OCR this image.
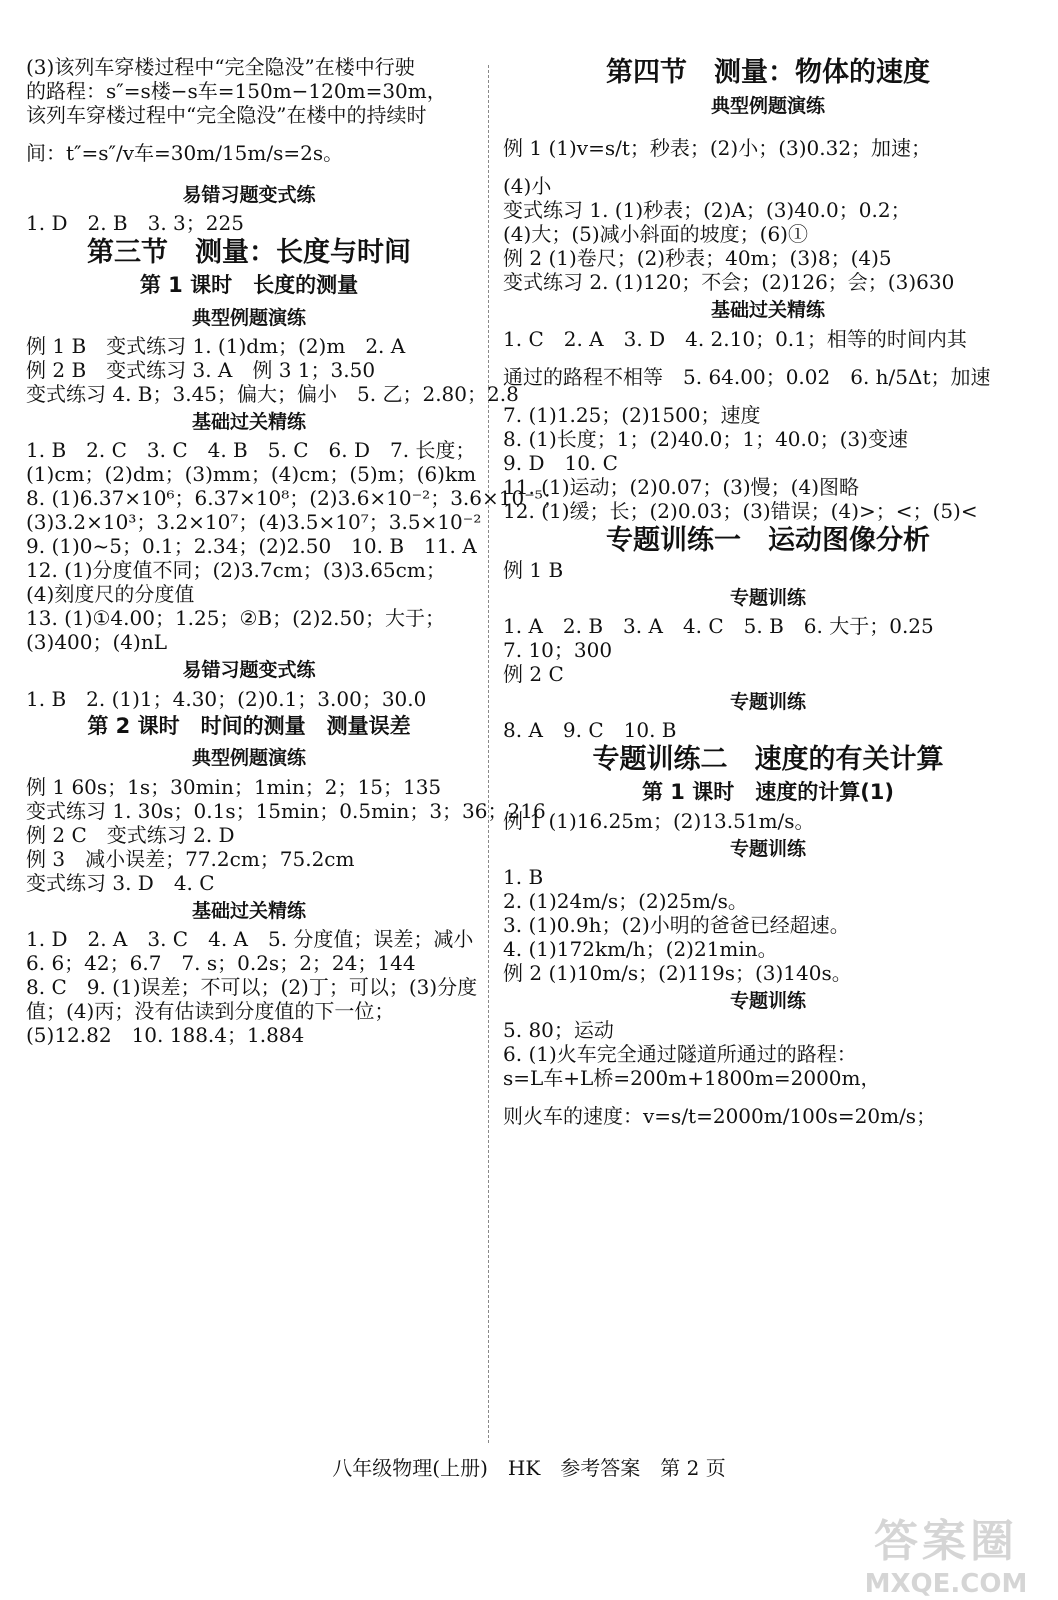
(3)该列车穿楼过程中“完全隐没”在楼中行驶
的路程：s″=s楼−s车=150m−120m=30m，
该列车穿楼过程中“完全隐没”在楼中的持续时
间：t″=s″/v车=30m/15m/s=2s。
易错习题变式练
1. D　2. B　3. 3；225
第三节　测量：长度与时间
第 1 课时　长度的测量
典型例题演练
例 1 B　变式练习 1. (1)dm；(2)m　2. A
例 2 B　变式练习 3. A　例 3 1；3.50
变式练习 4. B；3.45；偏大；偏小　5. 乙；2.80；2.8
基础过关精练
1. B　2. C　3. C　4. B　5. C　6. D　7. 长度；
(1)cm；(2)dm；(3)mm；(4)cm；(5)m；(6)km
8. (1)6.37×10⁶；6.37×10⁸；(2)3.6×10⁻²；3.6×10⁻⁵；
(3)3.2×10³；3.2×10⁷；(4)3.5×10⁷；3.5×10⁻²
9. (1)0~5；0.1；2.34；(2)2.50　10. B　11. A
12. (1)分度值不同；(2)3.7cm；(3)3.65cm；
(4)刻度尺的分度值
13. (1)①4.00；1.25；②B；(2)2.50；大于；
(3)400；(4)nL
易错习题变式练
1. B　2. (1)1；4.30；(2)0.1；3.00；30.0
第 2 课时　时间的测量　测量误差
典型例题演练
例 1 60s；1s；30min；1min；2；15；135
变式练习 1. 30s；0.1s；15min；0.5min；3；36；216
例 2 C　变式练习 2. D
例 3　减小误差；77.2cm；75.2cm
变式练习 3. D　4. C
基础过关精练
1. D　2. A　3. C　4. A　5. 分度值；误差；减小
6. 6；42；6.7　7. s；0.2s；2；24；144
8. C　9. (1)误差；不可以；(2)丁；可以；(3)分度
值；(4)丙；没有估读到分度值的下一位；
(5)12.82　10. 188.4；1.884
第四节　测量：物体的速度
典型例题演练
例 1 (1)v=s/t；秒表；(2)小；(3)0.32；加速；
(4)小
变式练习 1. (1)秒表；(2)A；(3)40.0；0.2；
(4)大；(5)减小斜面的坡度；(6)①
例 2 (1)卷尺；(2)秒表；40m；(3)8；(4)5
变式练习 2. (1)120；不会；(2)126；会；(3)630
基础过关精练
1. C　2. A　3. D　4. 2.10；0.1；相等的时间内其
通过的路程不相等　5. 64.00；0.02　6. h/5Δt；加速
7. (1)1.25；(2)1500；速度
8. (1)长度；1；(2)40.0；1；40.0；(3)变速
9. D　10. C
11. (1)运动；(2)0.07；(3)慢；(4)图略
12. (1)缓；长；(2)0.03；(3)错误；(4)>；<；(5)<
专题训练一　运动图像分析
例 1 B
专题训练
1. A　2. B　3. A　4. C　5. B　6. 大于；0.25
7. 10；300
例 2 C
专题训练
8. A　9. C　10. B
专题训练二　速度的有关计算
第 1 课时　速度的计算(1)
例 1 (1)16.25m；(2)13.51m/s。
专题训练
1. B
2. (1)24m/s；(2)25m/s。
3. (1)0.9h；(2)小明的爸爸已经超速。
4. (1)172km/h；(2)21min。
例 2 (1)10m/s；(2)119s；(3)140s。
专题训练
5. 80；运动
6. (1)火车完全通过隧道所通过的路程：
s=L车+L桥=200m+1800m=2000m，
则火车的速度：v=s/t=2000m/100s=20m/s；
八年级物理(上册)　HK　参考答案　第 2 页
答案圈
MXQE.COM
